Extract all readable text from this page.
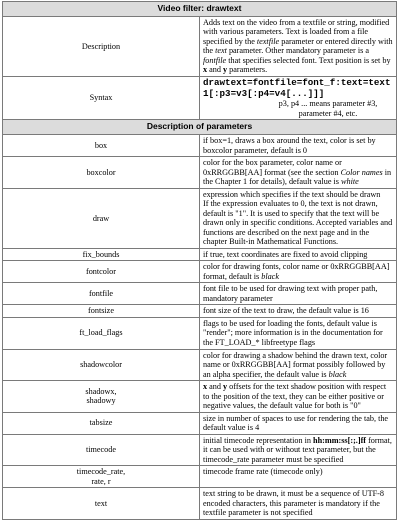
Video filter: drawtext	
Description	Adds text on the video from a textfile or string, modified with various parameters. Text is loaded from a file specified by the textfile parameter or entered directly with the text parameter. Other mandatory parameter is a fontfile that specifies selected font. Text position is set by x and y parameters.
Syntax	drawtext=fontfile=font_f:text=text1[:p3=v3[:p4=v4[...]]]
p3, p4 ... means parameter #3, parameter #4, etc.

Description of parameters	
box	if box=1, draws a box around the text, color is set by boxcolor parameter, default is 0
boxcolor	color for the box parameter, color name or 0xRRGGBB[AA] format (see the section Color names in the Chapter 1 for details), default value is white
draw	expression which specifies if the text should be drawn
If the expression evaluates to 0, the text is not drawn, default is "1". It is used to specify that the text will be drawn only in specific conditions. Accepted variables and functions are described on the next page and in the chapter Built-in Mathematical Functions.
fix_bounds	if true, text coordinates are fixed to avoid clipping
fontcolor	color for drawing fonts, color name or 0xRRGGBB[AA] format, default is black
fontfile	font file to be used for drawing text with proper path, mandatory parameter
fontsize	font size of the text to draw, the default value is 16
ft_load_flags	flags to be used for loading the fonts, default value is "render"; more information is in the documentation for the FT_LOAD_* libfreetype flags
shadowcolor	color for drawing a shadow behind the drawn text, color name or 0xRRGGBB[AA] format possibly followed by an alpha specifier, the default value is black
shadowx,
shadowy	x and y offsets for the text shadow position with respect to the position of the text, they can be either positive or negative values, the default value for both is "0"
tabsize	size in number of spaces to use for rendering the tab, the default value is 4
timecode	initial timecode representation in hh:mm:ss[:;.]ff format, it can be used with or without text parameter, but the timecode_rate parameter must be specified
timecode_rate,
rate, r	timecode frame rate (timecode only)
text	text string to be drawn, it must be a sequence of UTF-8 encoded characters, this parameter is mandatory if the textfile parameter is not specified
